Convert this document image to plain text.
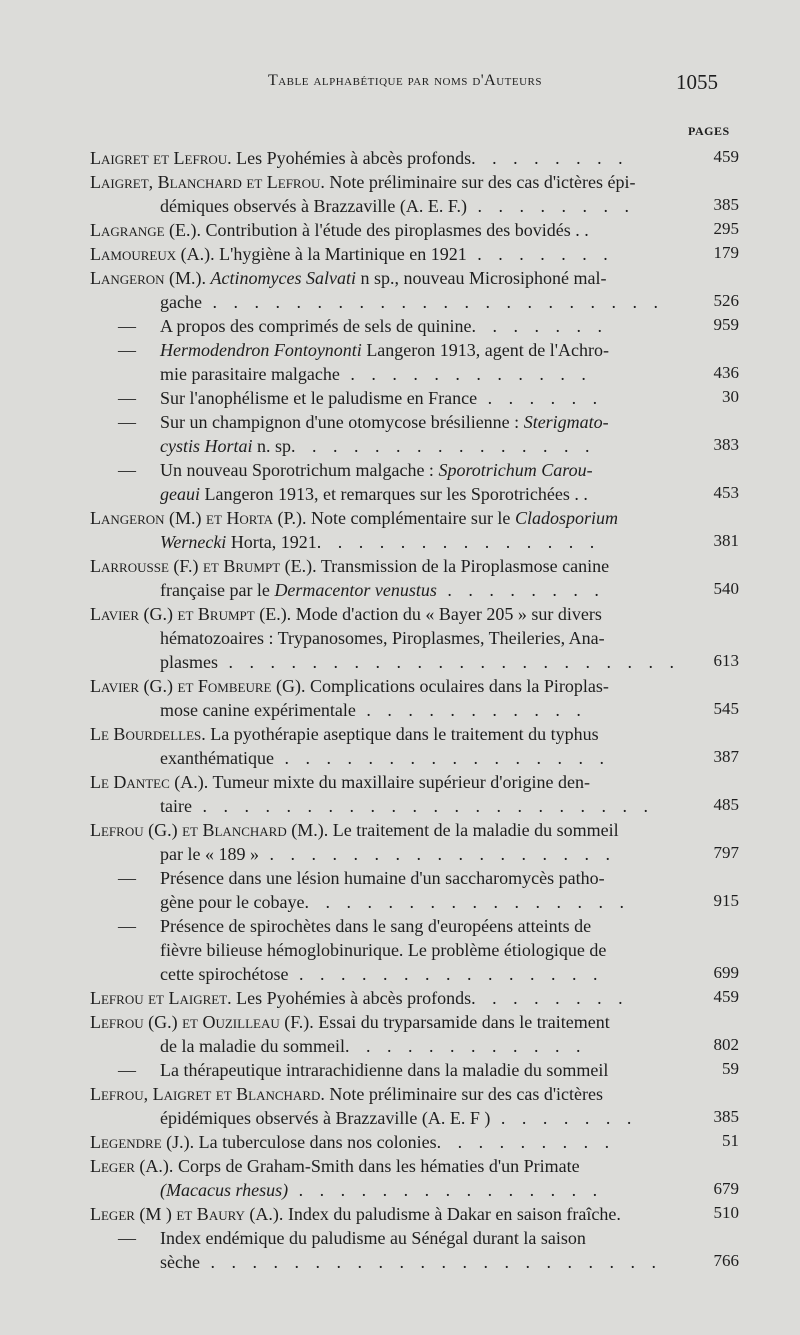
Table alphabétique par noms d'Auteurs	1055
PAGES
Laigret et Lefrou. Les Pyohémies à abcès profonds. . . . . . . .	459
Laigret, Blanchard et Lefrou. Note préliminaire sur des cas d'ictères épi-
démiques observés à Brazzaville (A. E. F.) . . . . . . . .	385
Lagrange (E.). Contribution à l'étude des piroplasmes des bovidés . .	295
Lamoureux (A.). L'hygiène à la Martinique en 1921 . . . . . . .	179
Langeron (M.). Actinomyces Salvati n sp., nouveau Microsiphoné mal-
gache . . . . . . . . . . . . . . . . . . . . . .	526
—	A propos des comprimés de sels de quinine. . . . . . .	959
—	Hermodendron Fontoynonti Langeron 1913, agent de l'Achro-
mie parasitaire malgache . . . . . . . . . . . .	436
—	Sur l'anophélisme et le paludisme en France . . . . . .	30
—	Sur un champignon d'une otomycose brésilienne : Sterigmato-
cystis Hortai n. sp. . . . . . . . . . . . . . .	383
—	Un nouveau Sporotrichum malgache : Sporotrichum Carou-
geaui Langeron 1913, et remarques sur les Sporotrichées . .	453
Langeron (M.) et Horta (P.). Note complémentaire sur le Cladosporium
Wernecki Horta, 1921. . . . . . . . . . . . . .	381
Larrousse (F.) et Brumpt (E.). Transmission de la Piroplasmose canine
française par le Dermacentor venustus . . . . . . . .	540
Lavier (G.) et Brumpt (E.). Mode d'action du « Bayer 205 » sur divers
hématozoaires : Trypanosomes, Piroplasmes, Theileries, Ana-
plasmes . . . . . . . . . . . . . . . . . . . . . .	613
Lavier (G.) et Fombeure (G). Complications oculaires dans la Piroplas-
mose canine expérimentale . . . . . . . . . . .	545
Le Bourdelles. La pyothérapie aseptique dans le traitement du typhus
exanthématique . . . . . . . . . . . . . . . .	387
Le Dantec (A.). Tumeur mixte du maxillaire supérieur d'origine den-
taire . . . . . . . . . . . . . . . . . . . . . .	485
Lefrou (G.) et Blanchard (M.). Le traitement de la maladie du sommeil
par le « 189 » . . . . . . . . . . . . . . . . .	797
—	Présence dans une lésion humaine d'un saccharomycès patho-
gène pour le cobaye. . . . . . . . . . . . . . . .	915
—	Présence de spirochètes dans le sang d'européens atteints de
fièvre bilieuse hémoglobinurique. Le problème étiologique de
cette spirochétose . . . . . . . . . . . . . . .	699
Lefrou et Laigret. Les Pyohémies à abcès profonds. . . . . . . .	459
Lefrou (G.) et Ouzilleau (F.). Essai du tryparsamide dans le traitement
de la maladie du sommeil. . . . . . . . . . . .	802
—	La thérapeutique intrarachidienne dans la maladie du sommeil	59
Lefrou, Laigret et Blanchard. Note préliminaire sur des cas d'ictères
épidémiques observés à Brazzaville (A. E. F ) . . . . . . .	385
Legendre (J.). La tuberculose dans nos colonies. . . . . . . . .	51
Leger (A.). Corps de Graham-Smith dans les hématies d'un Primate
(Macacus rhesus) . . . . . . . . . . . . . . .	679
Leger (M ) et Baury (A.). Index du paludisme à Dakar en saison fraîche.	510
—	Index endémique du paludisme au Sénégal durant la saison
sèche . . . . . . . . . . . . . . . . . . . . . .	766
